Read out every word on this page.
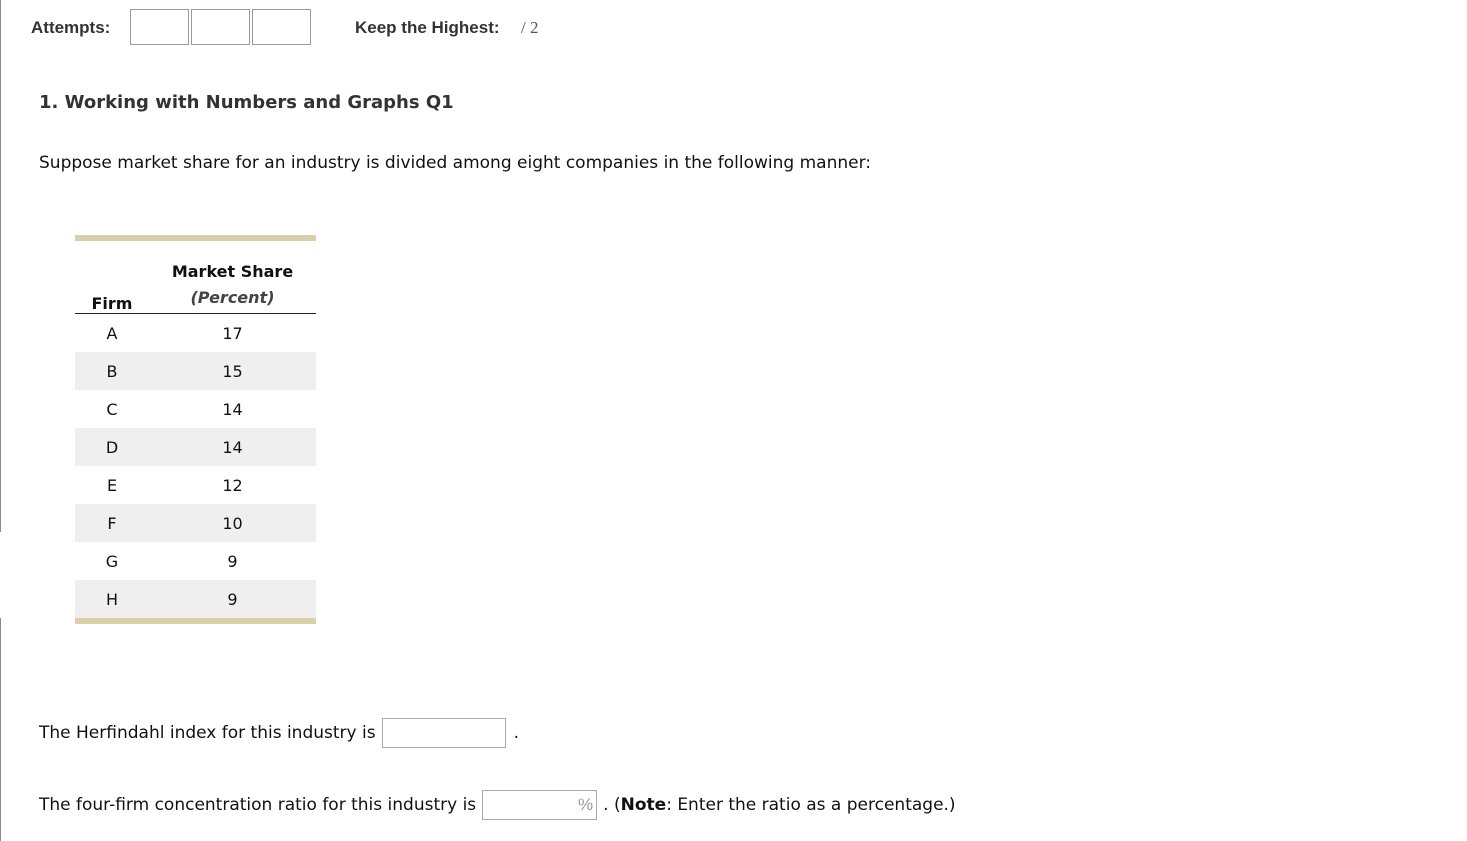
Attempts:	Keep the Highest: / 2
1. Working with Numbers and Graphs Q1
Suppose market share for an industry is divided among eight companies in the following manner:
Firm	Market Share
	(Percent)
A	17
B	15
C	14
D	14
E	12
F	10
G	9
H	9
The Herfindahl index for this industry is	.
The four-firm concentration ratio for this industry is	% . ( Note : Enter the ratio as a percentage.)
